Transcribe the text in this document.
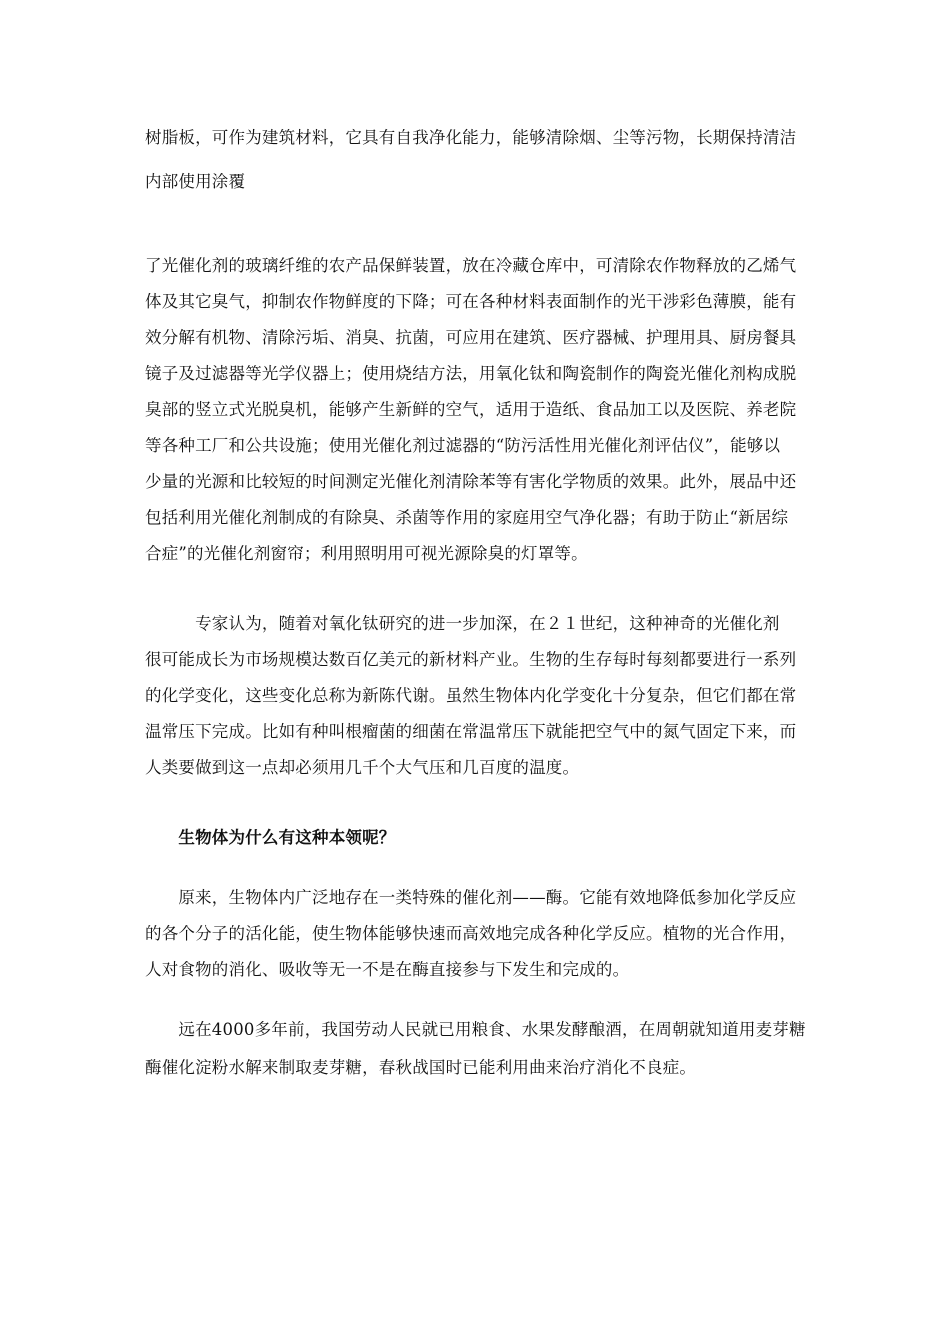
树脂板，可作为建筑材料，它具有自我净化能力，能够清除烟、尘等污物，长期保持清洁
内部使用涂覆
了光催化剂的玻璃纤维的农产品保鲜装置，放在冷藏仓库中，可清除农作物释放的乙烯气
体及其它臭气，抑制农作物鲜度的下降；可在各种材料表面制作的光干涉彩色薄膜，能有
效分解有机物、清除污垢、消臭、抗菌，可应用在建筑、医疗器械、护理用具、厨房餐具
镜子及过滤器等光学仪器上；使用烧结方法，用氧化钛和陶瓷制作的陶瓷光催化剂构成脱
臭部的竖立式光脱臭机，能够产生新鲜的空气，适用于造纸、食品加工以及医院、养老院
等各种工厂和公共设施；使用光催化剂过滤器的“防污活性用光催化剂评估仪”，能够以
少量的光源和比较短的时间测定光催化剂清除苯等有害化学物质的效果。此外，展品中还
包括利用光催化剂制成的有除臭、杀菌等作用的家庭用空气净化器；有助于防止“新居综
合症”的光催化剂窗帘；利用照明用可视光源除臭的灯罩等。
　　　专家认为，随着对氧化钛研究的进一步加深，在２１世纪，这种神奇的光催化剂
很可能成长为市场规模达数百亿美元的新材料产业。生物的生存每时每刻都要进行一系列
的化学变化，这些变化总称为新陈代谢。虽然生物体内化学变化十分复杂，但它们都在常
温常压下完成。比如有种叫根瘤菌的细菌在常温常压下就能把空气中的氮气固定下来，而
人类要做到这一点却必须用几千个大气压和几百度的温度。
　　生物体为什么有这种本领呢？
　　原来，生物体内广泛地存在一类特殊的催化剂——酶。它能有效地降低参加化学反应
的各个分子的活化能，使生物体能够快速而高效地完成各种化学反应。植物的光合作用，
人对食物的消化、吸收等无一不是在酶直接参与下发生和完成的。
　　远在4000多年前，我国劳动人民就已用粮食、水果发酵酿酒，在周朝就知道用麦芽糖
酶催化淀粉水解来制取麦芽糖，春秋战国时已能利用曲来治疗消化不良症。
